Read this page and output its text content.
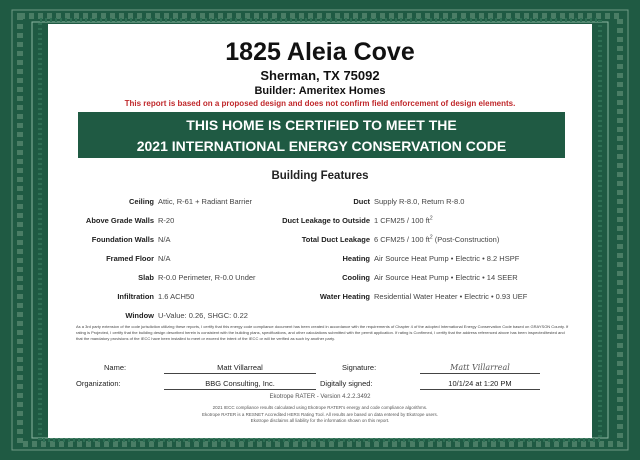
1825 Aleia Cove
Sherman, TX 75092
Builder: Ameritex Homes
This report is based on a proposed design and does not confirm field enforcement of design elements.
THIS HOME IS CERTIFIED TO MEET THE
2021 INTERNATIONAL ENERGY CONSERVATION CODE
Building Features
Ceiling Attic, R-61 + Radiant Barrier
Above Grade Walls R-20
Foundation Walls N/A
Framed Floor N/A
Slab R-0.0 Perimeter, R-0.0 Under
Infiltration 1.6 ACH50
Window U-Value: 0.26, SHGC: 0.22
Duct Supply R-8.0, Return R-8.0
Duct Leakage to Outside 1 CFM25 / 100 $ft^2$
Total Duct Leakage 6 CFM25 / 100 $ft^2$ (Post-Construction)
Heating Air Source Heat Pump • Electric • 8.2 HSPF
Cooling Air Source Heat Pump • Electric • 14 SEER
Water Heating Residential Water Heater • Electric • 0.93 UEF
As a 3rd party extension of the code jurisdiction utilizing these reports, I certify that this energy code compliance document has been created in accordance with the requirements of Chapter 4 of the adopted International Energy Conservation Code based on GRAYSON County. If rating is Projected, I certify that the building design described herein is consistent with the building plans, specifications, and other calculations submitted with the permit application. If rating is Confirmed, I certify that the address referenced above has been inspected/tested and that the mandatory provisions of the IECC have been installed to meet or exceed the intent of the IECC or will be verified as such by another party.
Name:	Matt Villarreal
Organization:	BBG Consulting, Inc.
Signature:	Matt Villarreal
Digitally signed:	10/1/24 at 1:20 PM
Ekotrope RATER - Version 4.2.2.3492
2021 IECC compliance results calculated using Ekotrope RATER's energy and code compliance algorithms.
Ekotrope RATER is a RESNET Accredited HERS Rating Tool. All results are based on data entered by Ekotrope users.
Ekotrope disclaims all liability for the information shown on this report.
